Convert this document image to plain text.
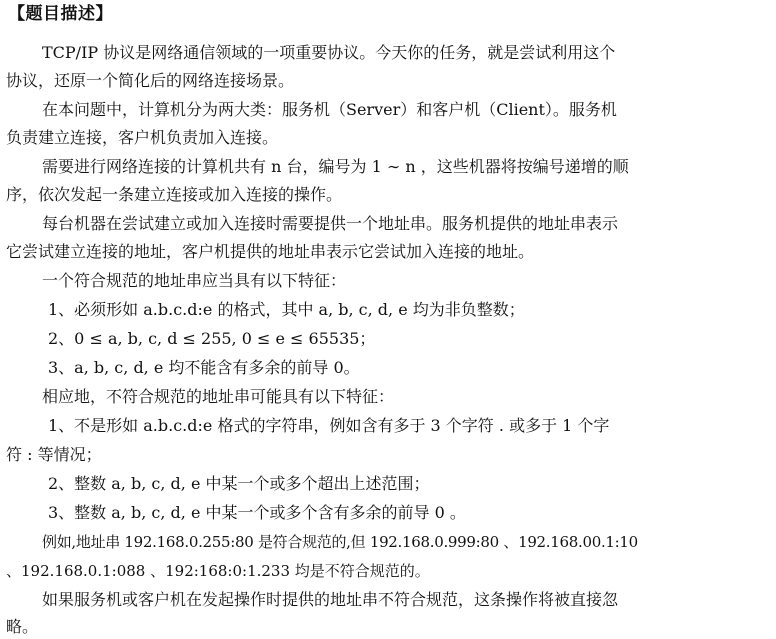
【题目描述】
TCP/IP 协议是网络通信领域的一项重要协议。今天你的任务，就是尝试利用这个
协议，还原一个简化后的网络连接场景。
在本问题中，计算机分为两大类：服务机（Server）和客户机（Client）。服务机
负责建立连接，客户机负责加入连接。
需要进行网络连接的计算机共有 n 台，编号为 1 ∼ n ，这些机器将按编号递增的顺
序，依次发起一条建立连接或加入连接的操作。
每台机器在尝试建立或加入连接时需要提供一个地址串。服务机提供的地址串表示
它尝试建立连接的地址，客户机提供的地址串表示它尝试加入连接的地址。
一个符合规范的地址串应当具有以下特征：
1、必须形如 a.b.c.d:e 的格式，其中 a, b, c, d, e 均为非负整数；
2、0 ≤ a, b, c, d ≤ 255, 0 ≤ e ≤ 65535；
3、a, b, c, d, e 均不能含有多余的前导 0。
相应地，不符合规范的地址串可能具有以下特征：
1、不是形如 a.b.c.d:e 格式的字符串，例如含有多于 3 个字符 . 或多于 1 个字
符 : 等情况；
2、整数 a, b, c, d, e 中某一个或多个超出上述范围；
3、整数 a, b, c, d, e 中某一个或多个含有多余的前导 0 。
例如,地址串 192.168.0.255:80 是符合规范的,但 192.168.0.999:80 、192.168.00.1:10
、192.168.0.1:088 、192:168:0:1.233 均是不符合规范的。
如果服务机或客户机在发起操作时提供的地址串不符合规范，这条操作将被直接忽
略。
